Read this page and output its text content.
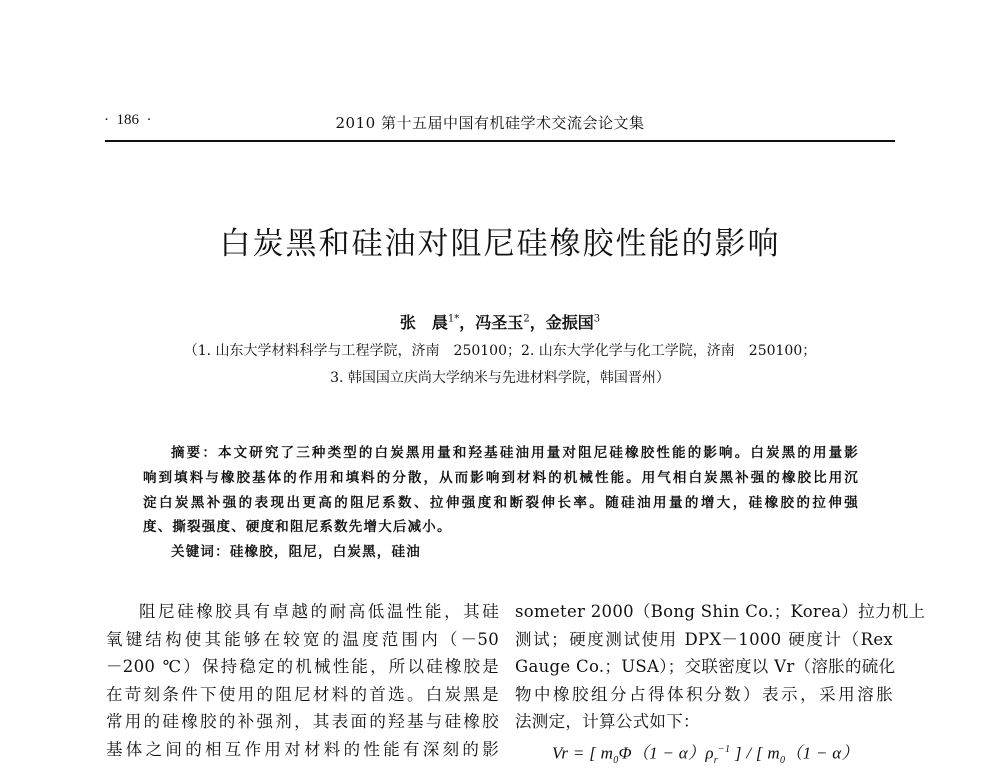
·  186  ·	2010 第十五届中国有机硅学术交流会论文集
白炭黑和硅油对阻尼硅橡胶性能的影响
张　晨$^{1*}$，冯圣玉$^2$，金振国$^3$
（1. 山东大学材料科学与工程学院，济南　250100；2. 山东大学化学与化工学院，济南　250100；
3. 韩国国立庆尚大学纳米与先进材料学院，韩国晋州）
摘要：本文研究了三种类型的白炭黑用量和羟基硅油用量对阻尼硅橡胶性能的影响。白炭黑的用量影
响到填料与橡胶基体的作用和填料的分散，从而影响到材料的机械性能。用气相白炭黑补强的橡胶比用沉
淀白炭黑补强的表现出更高的阻尼系数、拉伸强度和断裂伸长率。随硅油用量的增大，硅橡胶的拉伸强
度、撕裂强度、硬度和阻尼系数先增大后减小。
关键词：硅橡胶，阻尼，白炭黑，硅油
阻尼硅橡胶具有卓越的耐高低温性能，其硅
氧键结构使其能够在较宽的温度范围内（－50
－200 ℃）保持稳定的机械性能，所以硅橡胶是
在苛刻条件下使用的阻尼材料的首选。白炭黑是
常用的硅橡胶的补强剂，其表面的羟基与硅橡胶
基体之间的相互作用对材料的性能有深刻的影
someter 2000（Bong Shin Co.；Korea）拉力机上
测试；硬度测试使用 DPX－1000 硬度计（Rex
Gauge Co.；USA）；交联密度以 Vr（溶胀的硫化
物中橡胶组分占得体积分数）表示，采用溶胀
法测定，计算公式如下：
Vr = [ $m_0\Phi(1 - \alpha)\rho_r^{-1}$ ] / [ $m_0(1 - \alpha)$
